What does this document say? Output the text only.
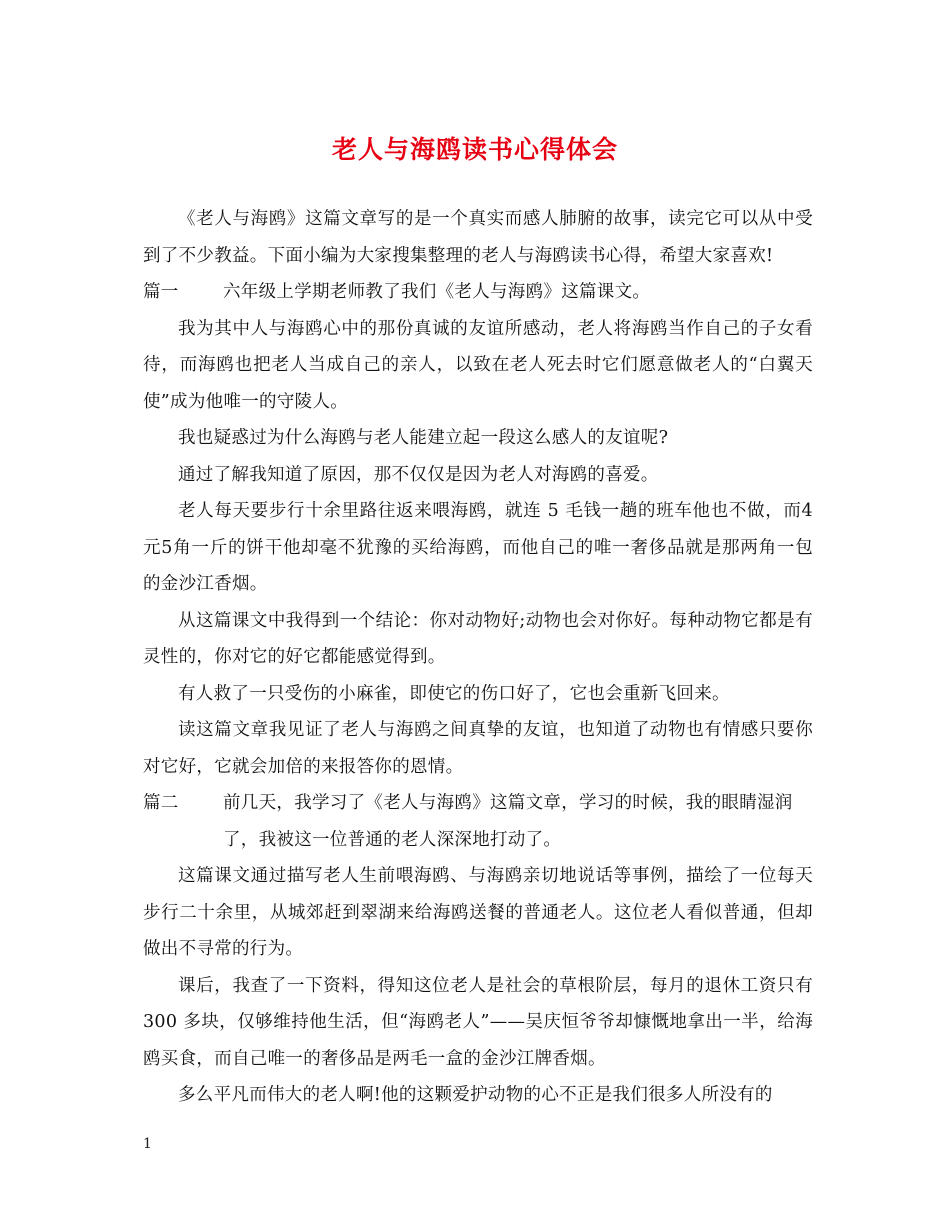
老人与海鸥读书心得体会

《老人与海鸥》这篇文章写的是一个真实而感人肺腑的故事，读完它可以从中受到了不少教益。下面小编为大家搜集整理的老人与海鸥读书心得，希望大家喜欢!

篇一	六年级上学期老师教了我们《老人与海鸥》这篇课文。

我为其中人与海鸥心中的那份真诚的友谊所感动，老人将海鸥当作自己的子女看待，而海鸥也把老人当成自己的亲人，以致在老人死去时它们愿意做老人的“白翼天使”成为他唯一的守陵人。

我也疑惑过为什么海鸥与老人能建立起一段这么感人的友谊呢?

通过了解我知道了原因，那不仅仅是因为老人对海鸥的喜爱。

老人每天要步行十余里路往返来喂海鸥，就连 5 毛钱一趟的班车他也不做，而4元5角一斤的饼干他却毫不犹豫的买给海鸥，而他自己的唯一奢侈品就是那两角一包的金沙江香烟。

从这篇课文中我得到一个结论：你对动物好;动物也会对你好。每种动物它都是有灵性的，你对它的好它都能感觉得到。

有人救了一只受伤的小麻雀，即使它的伤口好了，它也会重新飞回来。

读这篇文章我见证了老人与海鸥之间真挚的友谊，也知道了动物也有情感只要你对它好，它就会加倍的来报答你的恩情。

篇二	前几天，我学习了《老人与海鸥》这篇文章，学习的时候，我的眼睛湿润了，我被这一位普通的老人深深地打动了。

这篇课文通过描写老人生前喂海鸥、与海鸥亲切地说话等事例，描绘了一位每天步行二十余里，从城郊赶到翠湖来给海鸥送餐的普通老人。这位老人看似普通，但却做出不寻常的行为。

课后，我查了一下资料，得知这位老人是社会的草根阶层，每月的退休工资只有 300 多块，仅够维持他生活，但“海鸥老人”——吴庆恒爷爷却慷慨地拿出一半，给海鸥买食，而自己唯一的奢侈品是两毛一盒的金沙江牌香烟。

多么平凡而伟大的老人啊!他的这颗爱护动物的心不正是我们很多人所没有的

1
